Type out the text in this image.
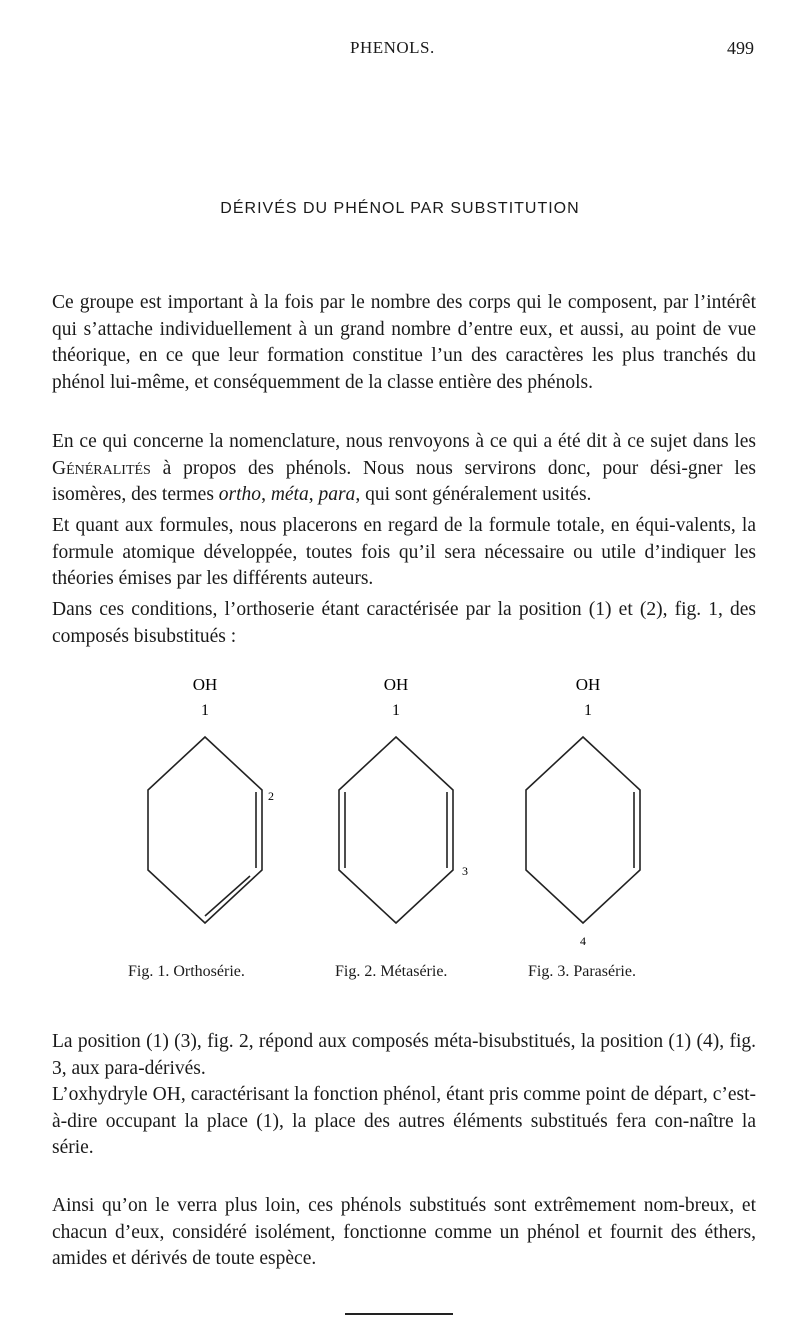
PHENOLS.	499
DÉRIVÉS DU PHÉNOL PAR SUBSTITUTION

Ce groupe est important à la fois par le nombre des corps qui le composent, par l’intérêt qui s’attache individuellement à un grand nombre d’entre eux, et aussi, au point de vue théorique, en ce que leur formation constitue l’un des caractères les plus tranchés du phénol lui-même, et conséquemment de la classe entière des phénols.

En ce qui concerne la nomenclature, nous renvoyons à ce qui a été dit à ce sujet dans les Généralités à propos des phénols. Nous nous servirons donc, pour dési-gner les isomères, des termes ortho, méta, para, qui sont généralement usités.

Et quant aux formules, nous placerons en regard de la formule totale, en équi-valents, la formule atomique développée, toutes fois qu’il sera nécessaire ou utile d’indiquer les théories émises par les différents auteurs.

Dans ces conditions, l’orthoserie étant caractérisée par la position (1) et (2), fig. 1, des composés bisubstitués :

OH
1
2
OH
1
3
OH
1
4
Fig. 1. Orthosérie.	Fig. 2. Métasérie.	Fig. 3. Parasérie.

La position (1) (3), fig. 2, répond aux composés méta-bisubstitués, la position (1) (4), fig. 3, aux para-dérivés.

L’oxhydryle OH, caractérisant la fonction phénol, étant pris comme point de départ, c’est-à-dire occupant la place (1), la place des autres éléments substitués fera con-naître la série.

Ainsi qu’on le verra plus loin, ces phénols substitués sont extrêmement nom-breux, et chacun d’eux, considéré isolément, fonctionne comme un phénol et fournit des éthers, amides et dérivés de toute espèce.
